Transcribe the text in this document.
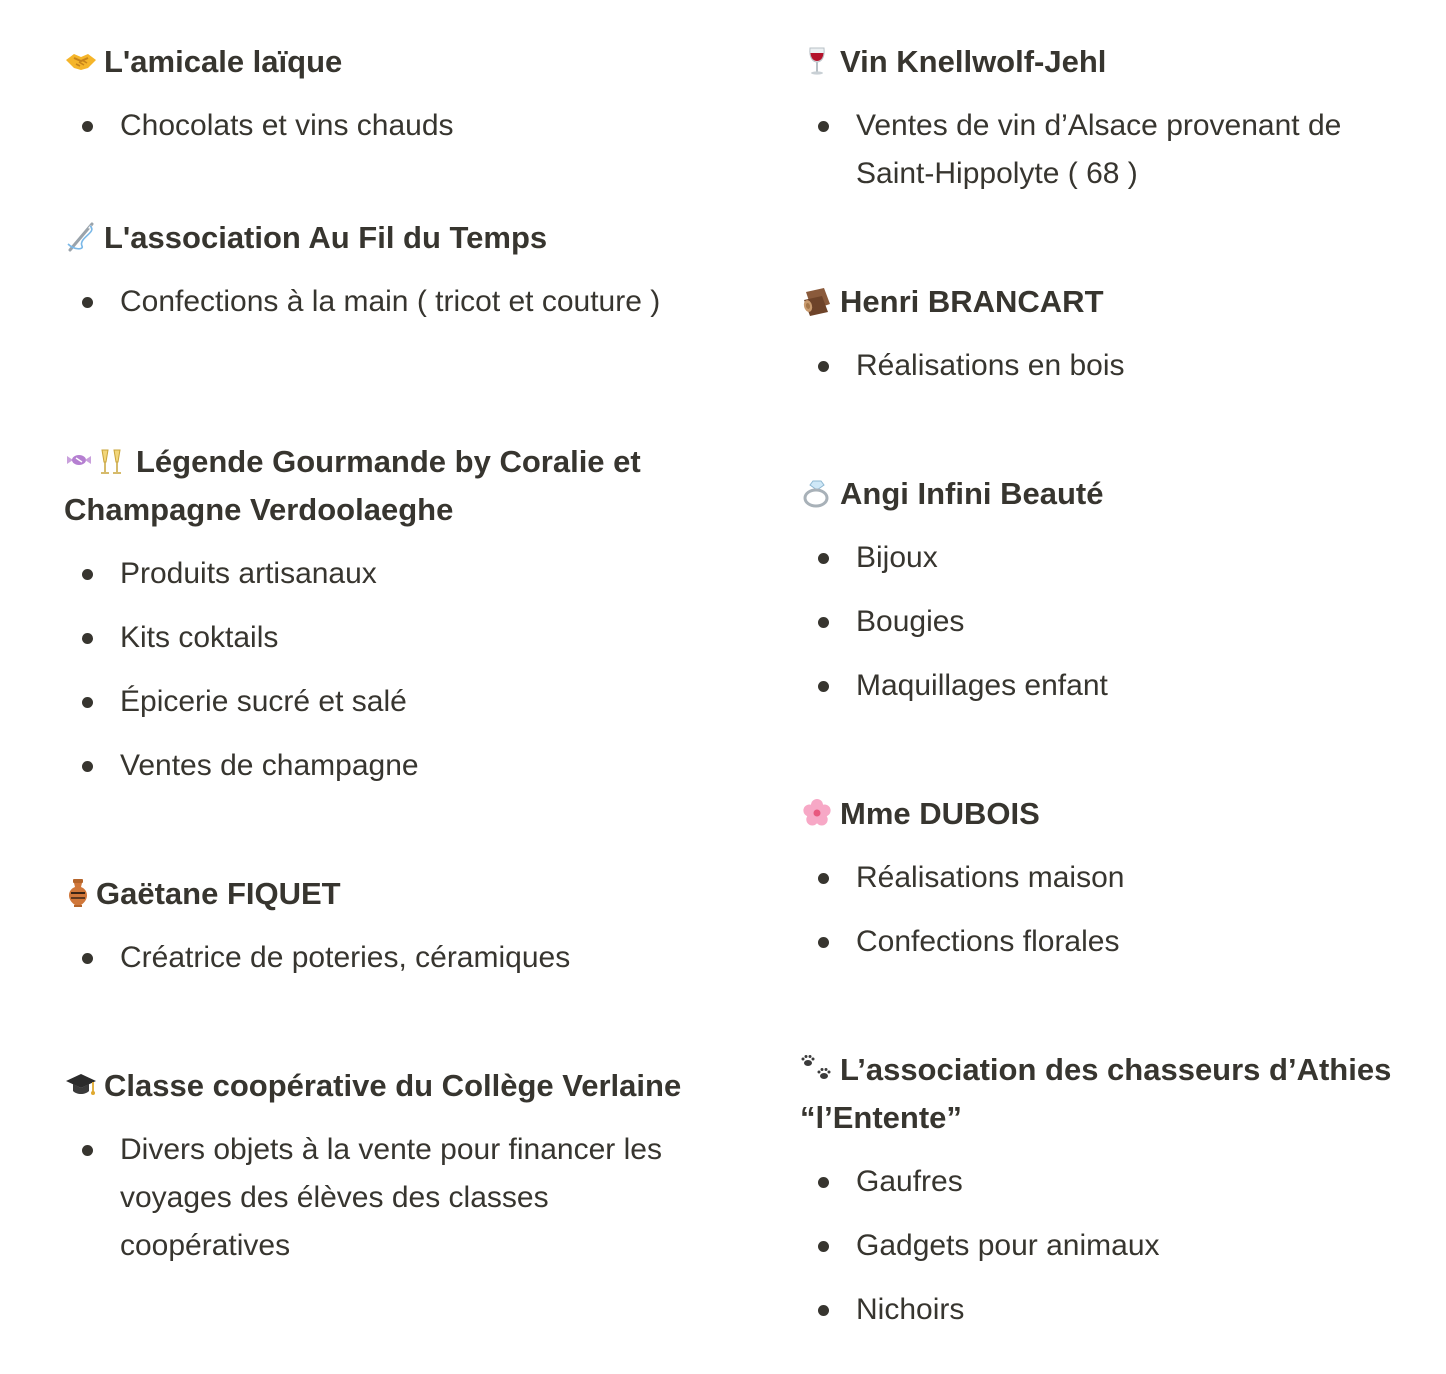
L'amicale laïque
Chocolats et vins chauds
L'association Au Fil du Temps
Confections à la main ( tricot et couture )
Légende Gourmande by Coralie et Champagne Verdoolaeghe
Produits artisanaux
Kits coktails
Épicerie sucré et salé
Ventes de champagne
Gaëtane FIQUET
Créatrice de poteries, céramiques
Classe coopérative du Collège Verlaine
Divers objets à la vente pour financer les voyages des élèves des classes coopératives
Vin Knellwolf-Jehl
Ventes de vin d’Alsace provenant de Saint-Hippolyte ( 68 )
Henri BRANCART
Réalisations en bois
Angi Infini Beauté
Bijoux
Bougies
Maquillages enfant
Mme DUBOIS
Réalisations maison
Confections florales
L’association des chasseurs d’Athies “l’Entente”
Gaufres
Gadgets pour animaux
Nichoirs
